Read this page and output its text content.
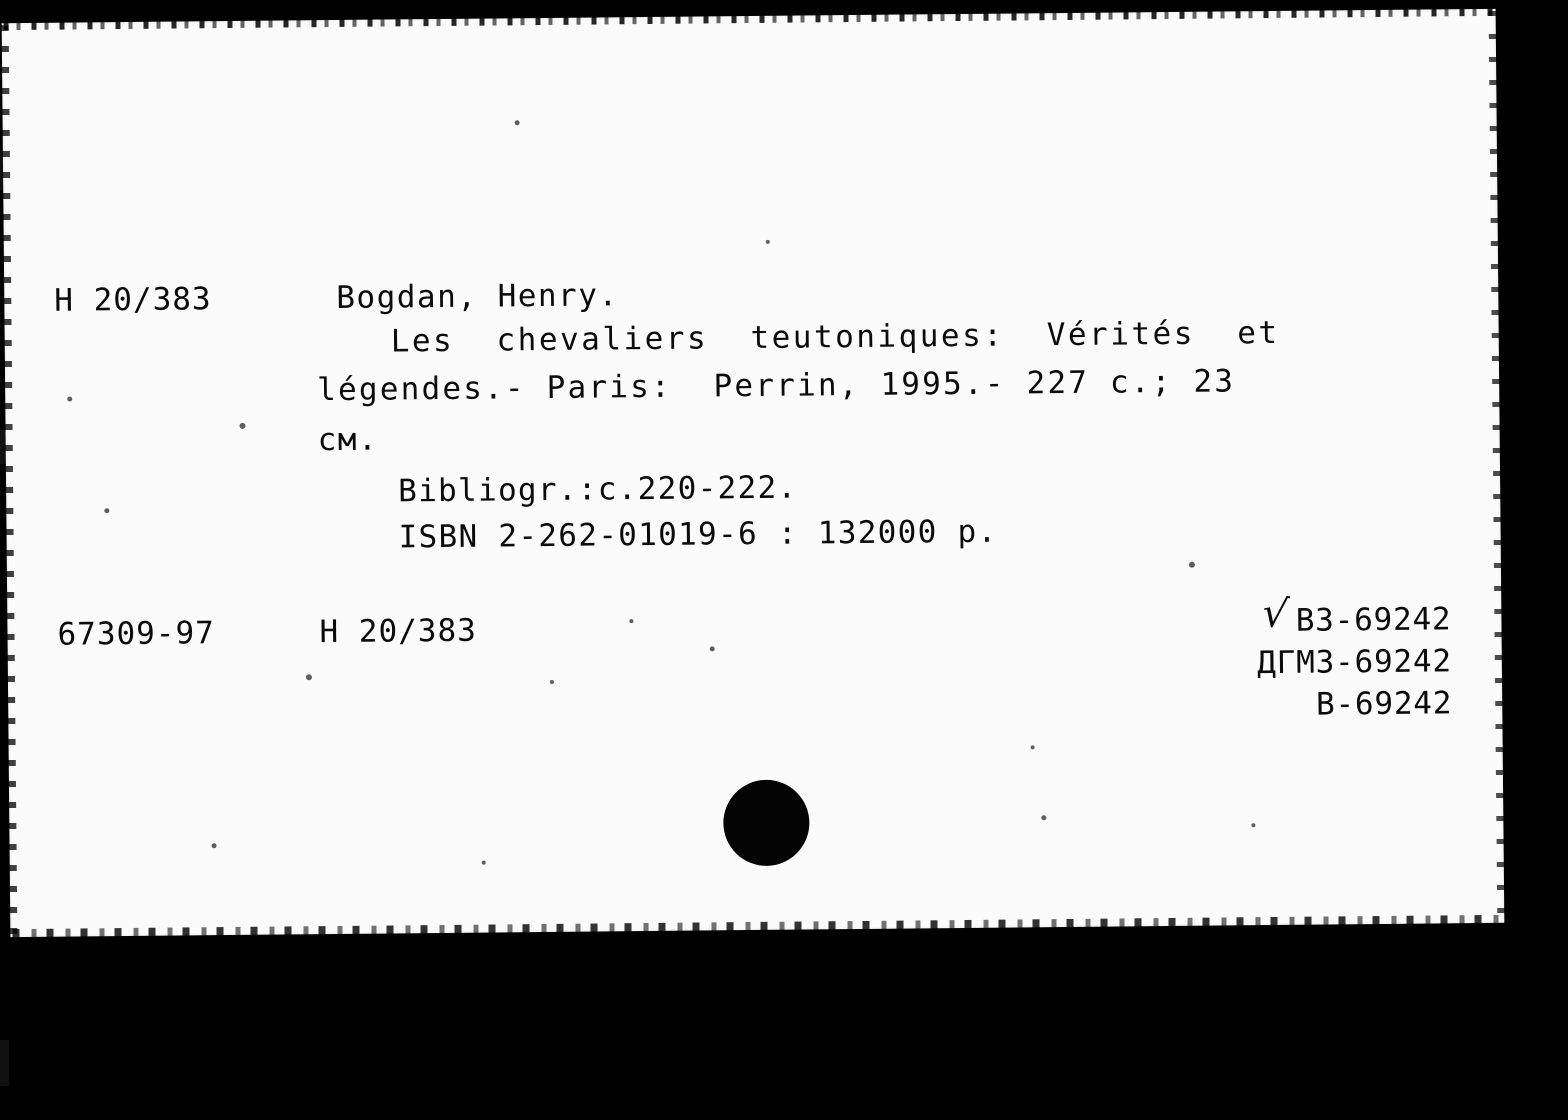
H 20/383	Bogdan, Henry.
Les  chevaliers  teutoniques:  Vérités  et
légendes.- Paris:  Perrin, 1995.- 227 c.; 23
cм.
Bibliogr.:c.220-222.
ISBN 2-262-01019-6 : 132000 p.
67309-97	H 20/383	√ B3-69242
ДГМ3-69242
B-69242
